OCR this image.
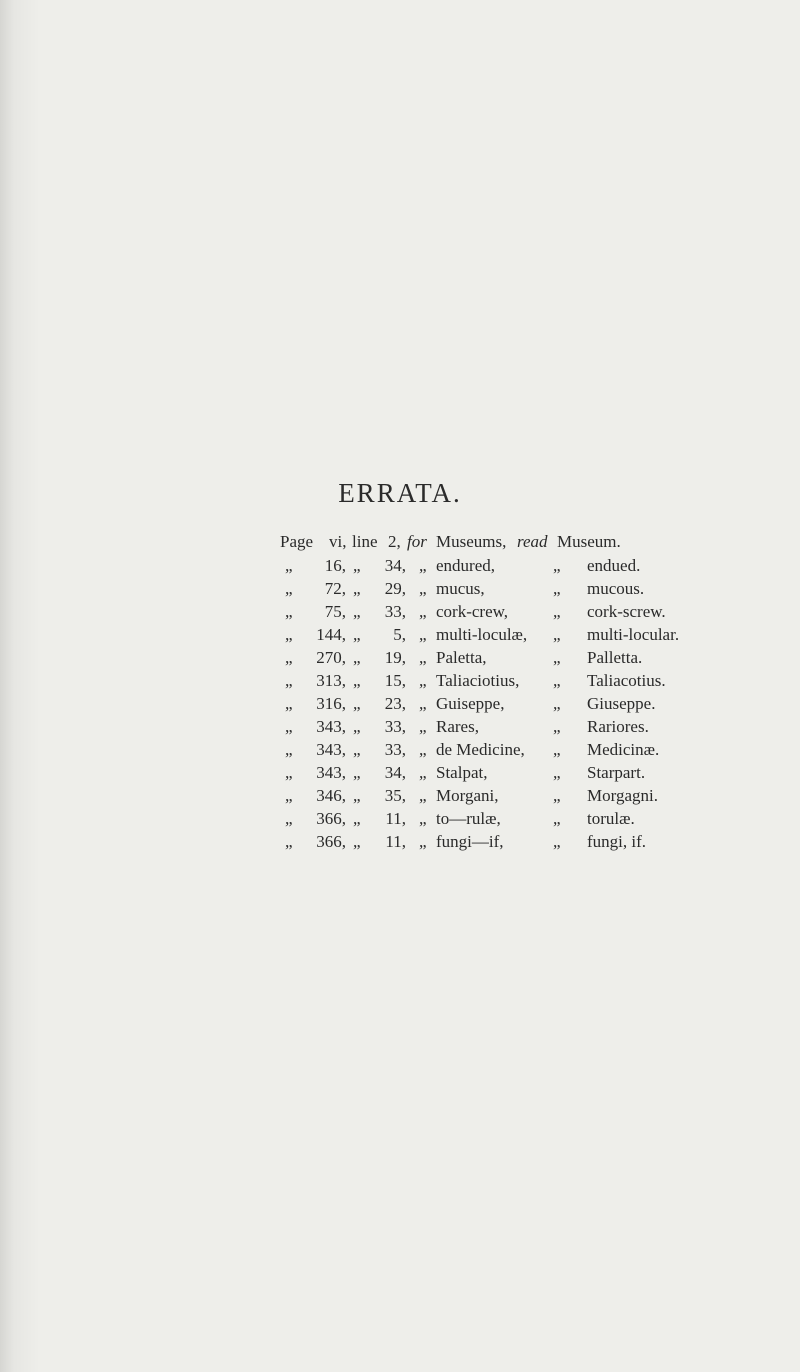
ERRATA.
Page vi, line 2, for Museums, read Museum.
„	16, „	34, „ endured,	„ endued.
„	72, „	29, „ mucus,	„ mucous.
„	75, „	33, „ cork-crew,	„ cork-screw.
„	144, „	5, „ multi-loculæ, „ multi-locular.
„	270, „	19, „ Paletta,	„ Palletta.
„	313, „	15, „ Taliaciotius, „ Taliacotius.
„	316, „	23, „ Guiseppe,	„ Giuseppe.
„	343, „	33, „ Rares,	„ Rariores.
„	343, „	33, „ de Medicine, „ Medicinæ.
„	343, „	34, „ Stalpat,	„ Starpart.
„	346, „	35, „ Morgani,	„ Morgagni.
„	366, „	11, „ to—rulæ,	„ torulæ.
„	366, „	11, „ fungi—if,	„ fungi, if.
